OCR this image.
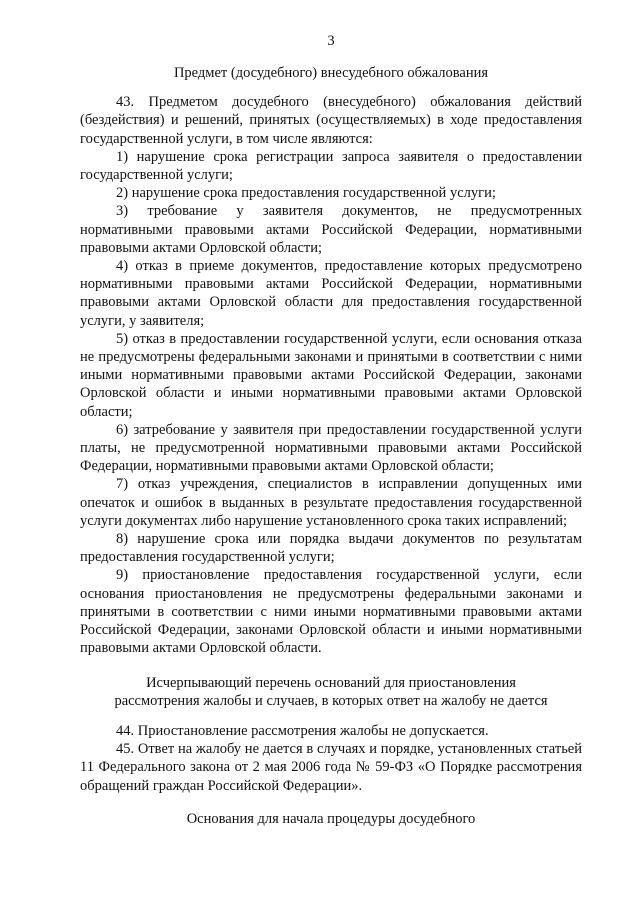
3
Предмет (досудебного) внесудебного обжалования

43. Предметом досудебного (внесудебного) обжалования действий (бездействия) и решений, принятых (осуществляемых) в ходе предоставления государственной услуги, в том числе являются:

1) нарушение срока регистрации запроса заявителя о предоставлении государственной услуги;

2) нарушение срока предоставления государственной услуги;

3) требование у заявителя документов, не предусмотренных нормативными правовыми актами Российской Федерации, нормативными правовыми актами Орловской области;

4) отказ в приеме документов, предоставление которых предусмотрено нормативными правовыми актами Российской Федерации, нормативными правовыми актами Орловской области для предоставления государственной услуги, у заявителя;

5) отказ в предоставлении государственной услуги, если основания отказа не предусмотрены федеральными законами и принятыми в соответствии с ними иными нормативными правовыми актами Российской Федерации, законами Орловской области и иными нормативными правовыми актами Орловской области;

6) затребование у заявителя при предоставлении государственной услуги платы, не предусмотренной нормативными правовыми актами Российской Федерации, нормативными правовыми актами Орловской области;

7) отказ учреждения, специалистов в исправлении допущенных ими опечаток и ошибок в выданных в результате предоставления государственной услуги документах либо нарушение установленного срока таких исправлений;

8) нарушение срока или порядка выдачи документов по результатам предоставления государственной услуги;

9) приостановление предоставления государственной услуги, если основания приостановления не предусмотрены федеральными законами и принятыми в соответствии с ними иными нормативными правовыми актами Российской Федерации, законами Орловской области и иными нормативными правовыми актами Орловской области.

Исчерпывающий перечень оснований для приостановления
рассмотрения жалобы и случаев, в которых ответ на жалобу не дается

44. Приостановление рассмотрения жалобы не допускается.

45. Ответ на жалобу не дается в случаях и порядке, установленных статьей 11 Федерального закона от 2 мая 2006 года № 59-ФЗ «О Порядке рассмотрения обращений граждан Российской Федерации».

Основания для начала процедуры досудебного
